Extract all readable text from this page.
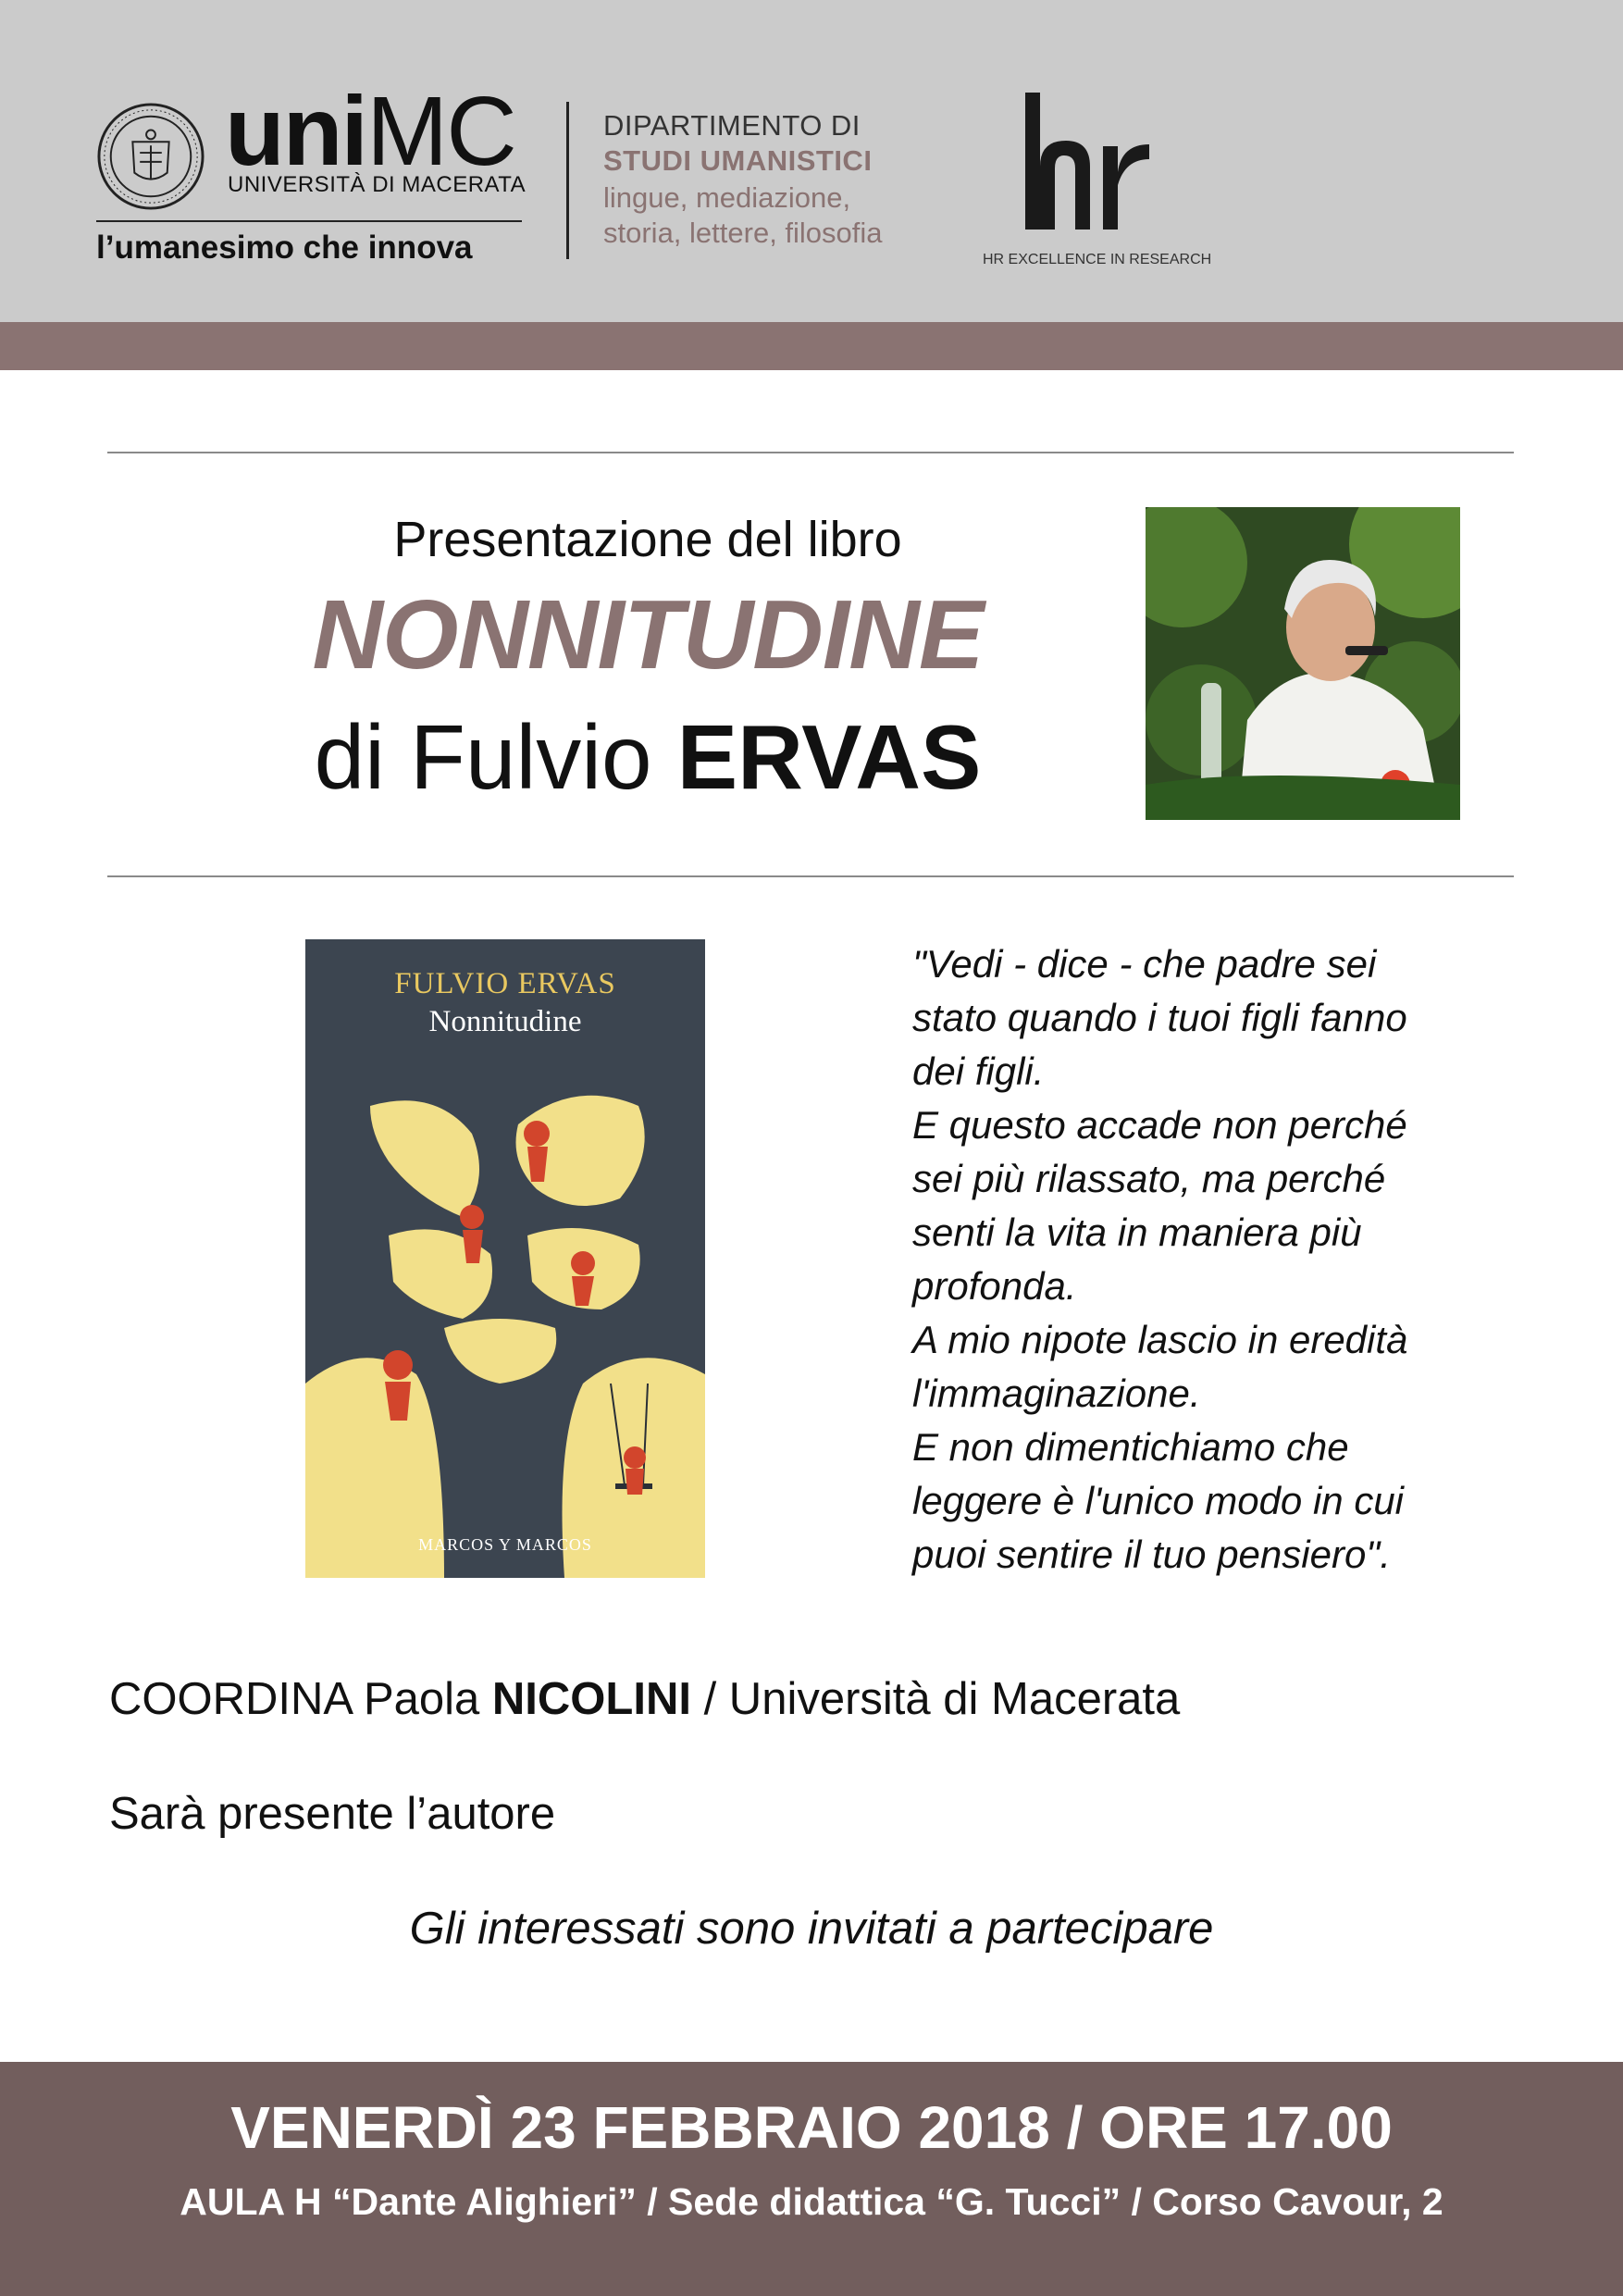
uniMC
UNIVERSITÀ DI MACERATA
l’umanesimo che innova
DIPARTIMENTO DI
STUDI UMANISTICI
lingue, mediazione,
storia, lettere, filosofia
HR EXCELLENCE IN RESEARCH
Presentazione del libro
NONNITUDINE
di Fulvio ERVAS
FULVIO ERVAS
Nonnitudine
MARCOS Y MARCOS
"Vedi - dice - che padre sei
stato quando i tuoi figli fanno
dei figli.
E questo accade non perché
sei più rilassato, ma perché
senti la vita in maniera più
profonda.
A mio nipote lascio in eredità
l'immaginazione.
E non dimentichiamo che
leggere è l'unico modo in cui
puoi sentire il tuo pensiero".
COORDINA Paola NICOLINI / Università di Macerata
Sarà presente l’autore
Gli interessati sono invitati a partecipare
VENERDÌ 23 FEBBRAIO 2018 / ORE 17.00
AULA H “Dante Alighieri” / Sede didattica “G. Tucci” / Corso Cavour, 2
